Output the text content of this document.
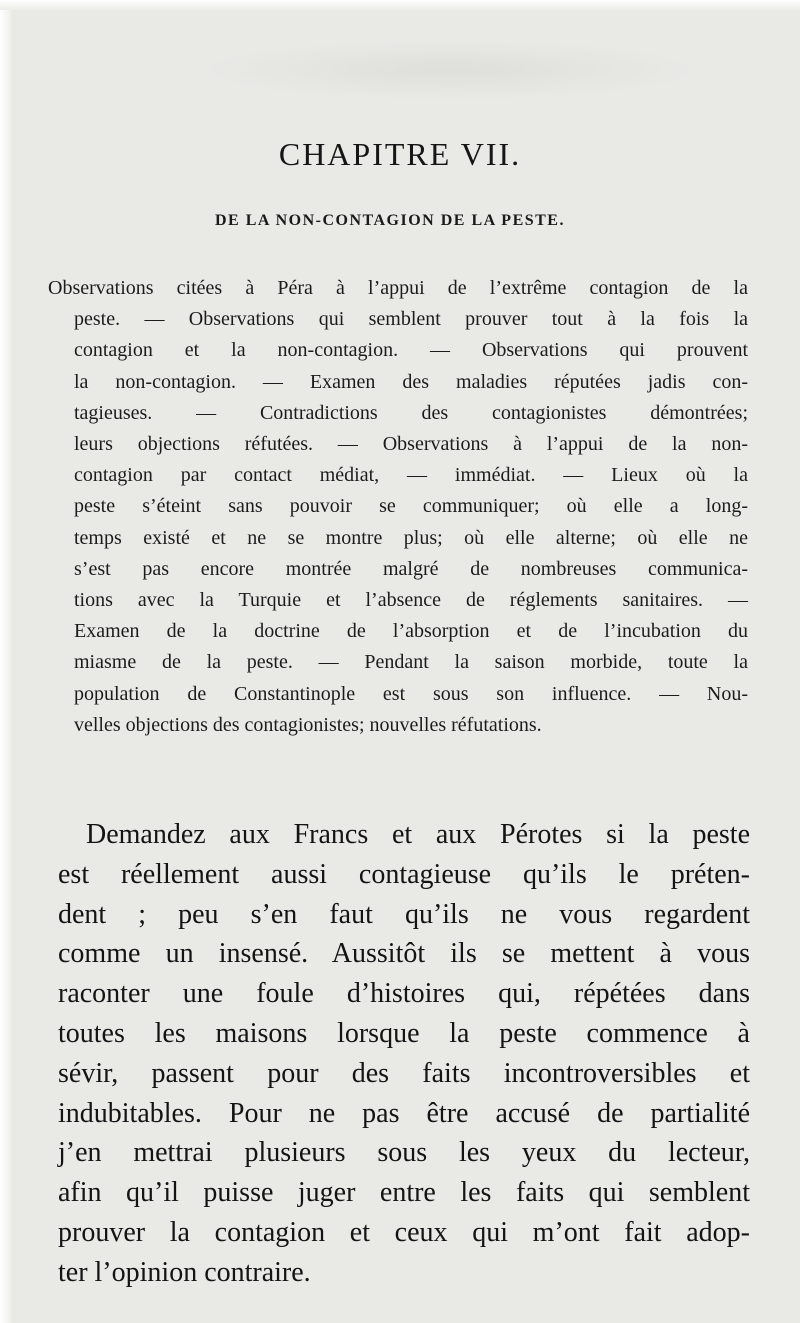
CHAPITRE VII.
DE LA NON-CONTAGION DE LA PESTE.
Observations citées à Péra à l’appui de l’extrême contagion de la
peste. — Observations qui semblent prouver tout à la fois la
contagion et la non-contagion. — Observations qui prouvent
la non-contagion. — Examen des maladies réputées jadis con-
tagieuses. — Contradictions des contagionistes démontrées;
leurs objections réfutées. — Observations à l’appui de la non-
contagion par contact médiat, — immédiat. — Lieux où la
peste s’éteint sans pouvoir se communiquer; où elle a long-
temps existé et ne se montre plus; où elle alterne; où elle ne
s’est pas encore montrée malgré de nombreuses communica-
tions avec la Turquie et l’absence de réglements sanitaires. —
Examen de la doctrine de l’absorption et de l’incubation du
miasme de la peste. — Pendant la saison morbide, toute la
population de Constantinople est sous son influence. — Nou-
velles objections des contagionistes; nouvelles réfutations.
Demandez aux Francs et aux Pérotes si la peste
est réellement aussi contagieuse qu’ils le préten-
dent ; peu s’en faut qu’ils ne vous regardent
comme un insensé. Aussitôt ils se mettent à vous
raconter une foule d’histoires qui, répétées dans
toutes les maisons lorsque la peste commence à
sévir, passent pour des faits incontroversibles et
indubitables. Pour ne pas être accusé de partialité
j’en mettrai plusieurs sous les yeux du lecteur,
afin qu’il puisse juger entre les faits qui semblent
prouver la contagion et ceux qui m’ont fait adop-
ter l’opinion contraire.
